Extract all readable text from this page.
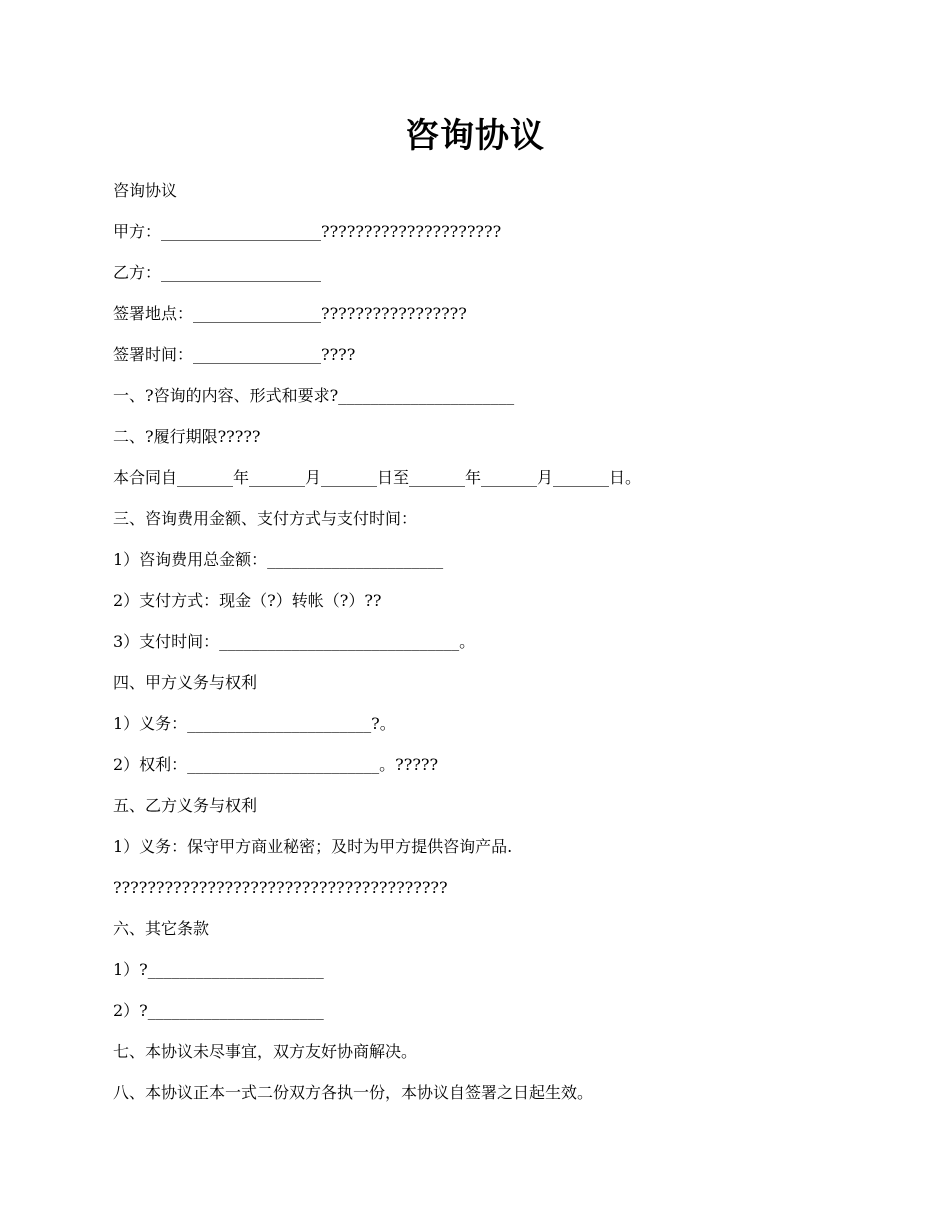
咨询协议
咨询协议
甲方：____________________?????????????????????
乙方：____________________
签署地点：________________?????????????????
签署时间：________________????
一、?咨询的内容、形式和要求?______________________
二、?履行期限?????
本合同自_______年_______月_______日至_______年_______月_______日。
三、咨询费用金额、支付方式与支付时间：
1）咨询费用总金额：______________________
2）支付方式：现金（?）转帐（?）??
3）支付时间：______________________________。
四、甲方义务与权利
1）义务：_______________________?。
2）权利：________________________。?????
五、乙方义务与权利
1）义务：保守甲方商业秘密；及时为甲方提供咨询产品.
???????????????????????????????????????
六、其它条款
1）?______________________
2）?______________________
七、本协议未尽事宜，双方友好协商解决。
八、本协议正本一式二份双方各执一份，本协议自签署之日起生效。
